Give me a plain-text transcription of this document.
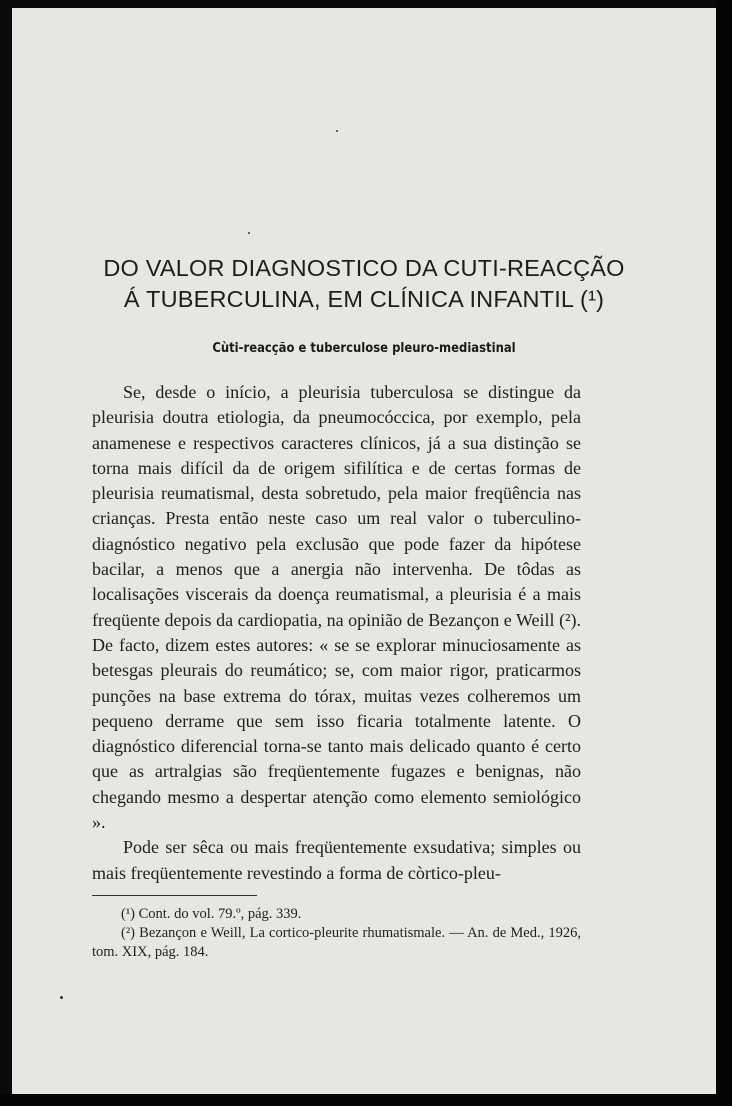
DO VALOR DIAGNOSTICO DA CUTI-REACÇÃO
Á TUBERCULINA, EM CLÍNICA INFANTIL (¹)
Cùti-reacção e tuberculose pleuro-mediastinal

Se, desde o início, a pleurisia tuberculosa se distingue da pleurisia doutra etiologia, da pneumocóccica, por exemplo, pela anamenese e respectivos caracteres clínicos, já a sua distinção se torna mais difícil da de origem sifilítica e de certas formas de pleurisia reumatismal, desta sobretudo, pela maior freqüência nas crianças. Presta então neste caso um real valor o tuberculino-diagnóstico negativo pela exclusão que pode fazer da hipótese bacilar, a menos que a anergia não intervenha. De tôdas as localisações viscerais da doença reumatismal, a pleurisia é a mais freqüente depois da cardiopatia, na opinião de Bezançon e Weill (²). De facto, dizem estes autores: « se se explorar minuciosamente as betesgas pleurais do reumático; se, com maior rigor, praticarmos punções na base extrema do tórax, muitas vezes colheremos um pequeno derrame que sem isso ficaria totalmente latente. O diagnóstico diferencial torna-se tanto mais delicado quanto é certo que as artralgias são freqüentemente fugazes e benignas, não chegando mesmo a despertar atenção como elemento semiológico ».

Pode ser sêca ou mais freqüentemente exsudativa; simples ou mais freqüentemente revestindo a forma de còrtico-pleu-

(¹) Cont. do vol. 79.º, pág. 339.

(²) Bezançon e Weill, La cortico-pleurite rhumatismale. — An. de Med., 1926, tom. XIX, pág. 184.
